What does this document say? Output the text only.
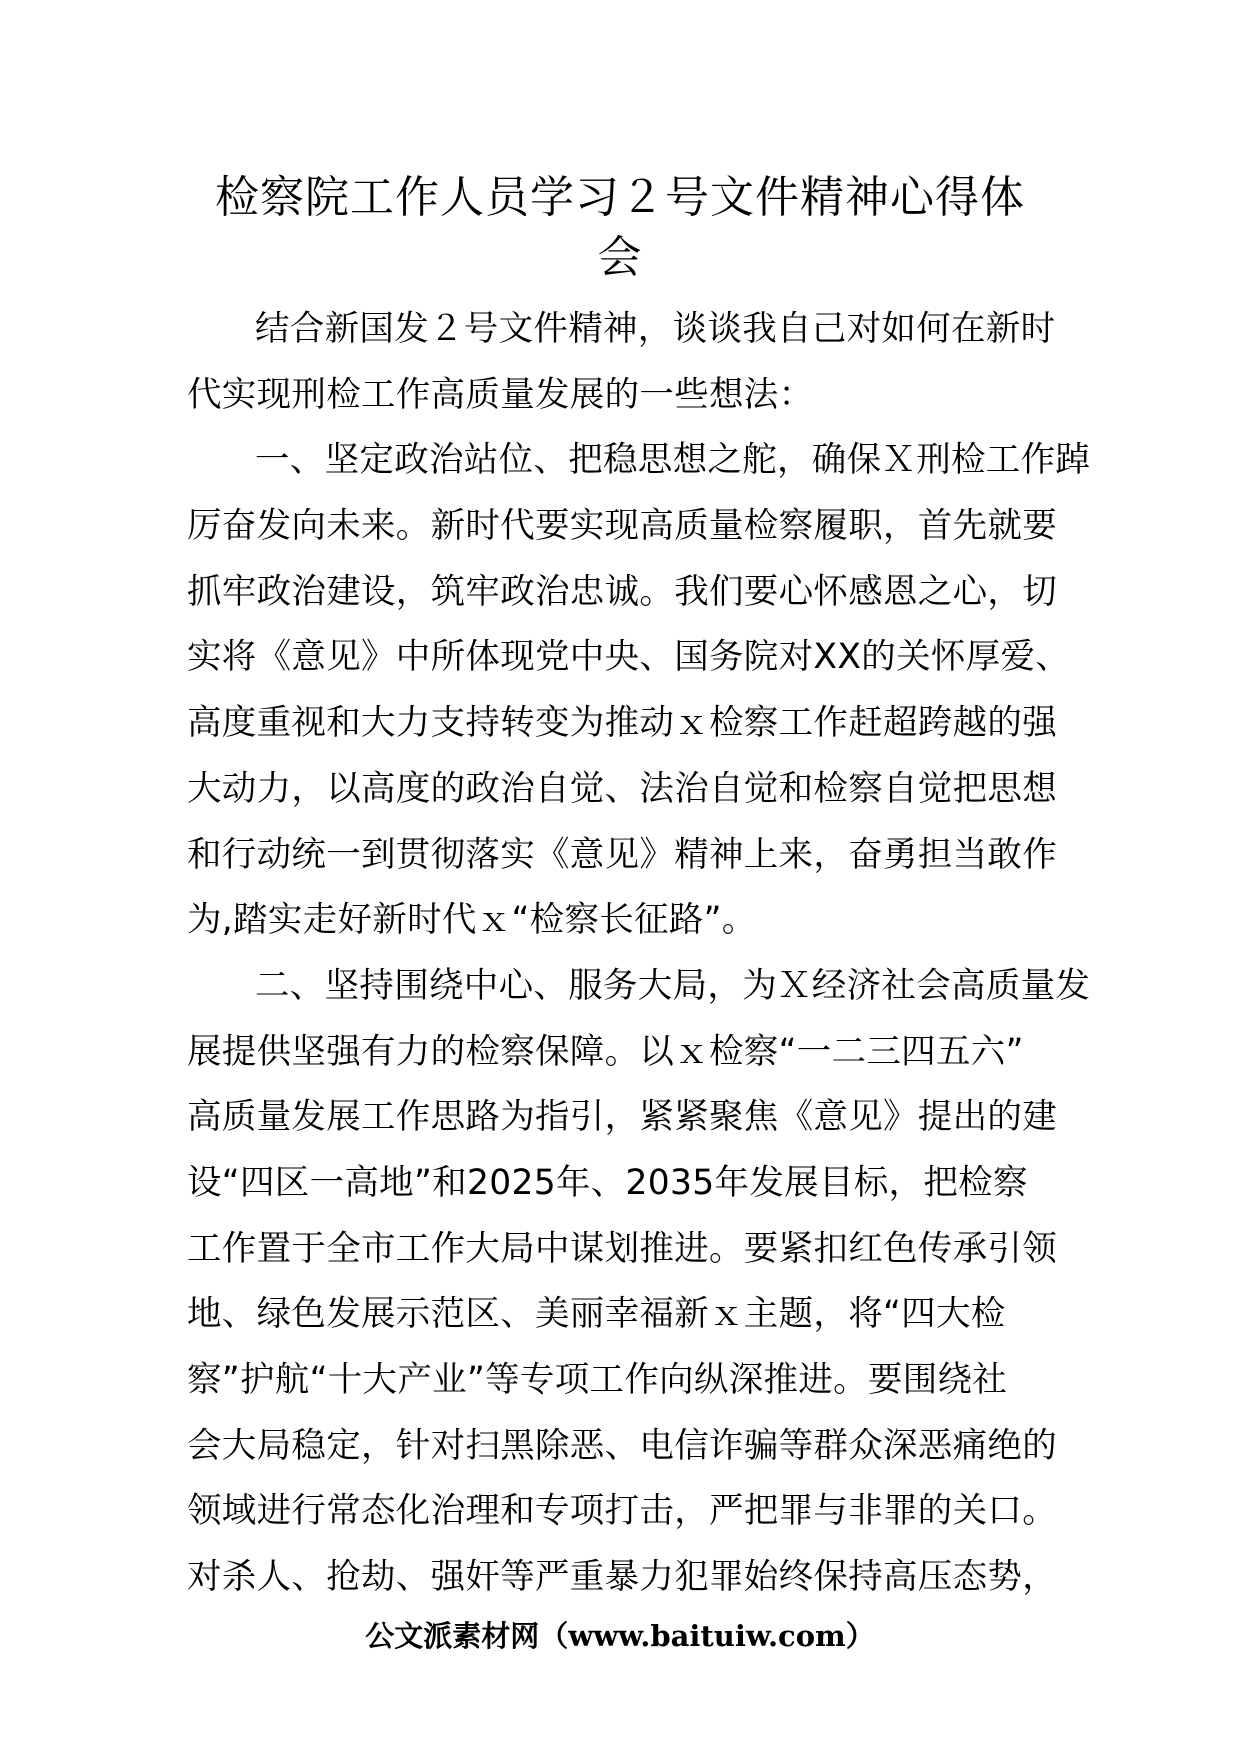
检察院工作人员学习２号文件精神心得体
会
结合新国发２号文件精神，谈谈我自己对如何在新时
代实现刑检工作高质量发展的一些想法：
一、坚定政治站位、把稳思想之舵，确保Ｘ刑检工作踔
厉奋发向未来。新时代要实现高质量检察履职，首先就要
抓牢政治建设，筑牢政治忠诚。我们要心怀感恩之心，切
实将《意见》中所体现党中央、国务院对XX的关怀厚爱、
高度重视和大力支持转变为推动ｘ检察工作赶超跨越的强
大动力，以高度的政治自觉、法治自觉和检察自觉把思想
和行动统一到贯彻落实《意见》精神上来，奋勇担当敢作
为,踏实走好新时代ｘ“检察长征路”。
二、坚持围绕中心、服务大局，为Ｘ经济社会高质量发
展提供坚强有力的检察保障。以ｘ检察“一二三四五六”
高质量发展工作思路为指引，紧紧聚焦《意见》提出的建
设“四区一高地”和2025年、2035年发展目标，把检察
工作置于全市工作大局中谋划推进。要紧扣红色传承引领
地、绿色发展示范区、美丽幸福新ｘ主题，将“四大检
察”护航“十大产业”等专项工作向纵深推进。要围绕社
会大局稳定，针对扫黑除恶、电信诈骗等群众深恶痛绝的
领域进行常态化治理和专项打击，严把罪与非罪的关口。
对杀人、抢劫、强奸等严重暴力犯罪始终保持高压态势，
公文派素材网（www.baituiw.com）
